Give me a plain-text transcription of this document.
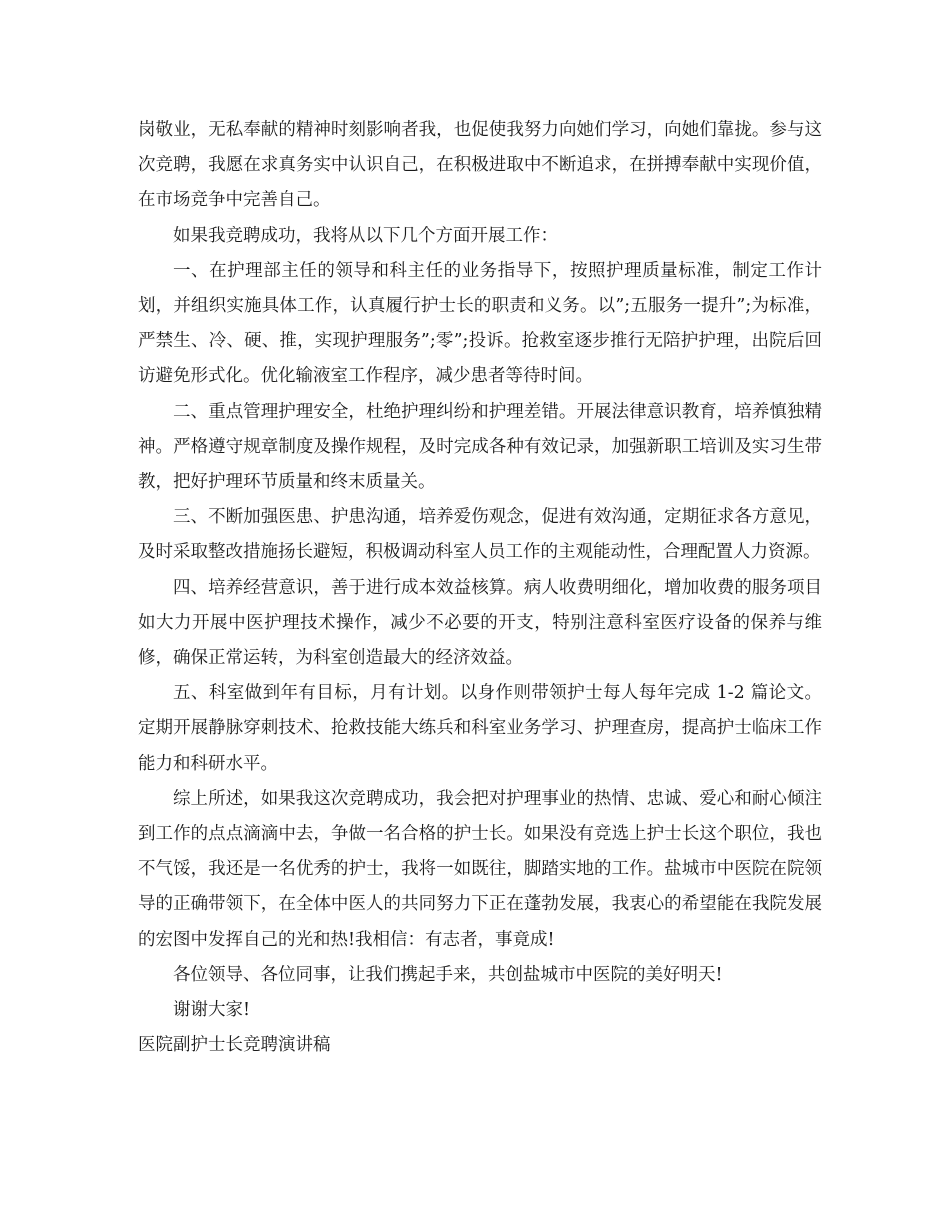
岗敬业，无私奉献的精神时刻影响者我，也促使我努力向她们学习，向她们靠拢。参与这次竞聘，我愿在求真务实中认识自己，在积极进取中不断追求，在拼搏奉献中实现价值，在市场竞争中完善自己。

如果我竞聘成功，我将从以下几个方面开展工作：

一、在护理部主任的领导和科主任的业务指导下，按照护理质量标准，制定工作计划，并组织实施具体工作，认真履行护士长的职责和义务。以”;五服务一提升”;为标准，严禁生、冷、硬、推，实现护理服务”;零”;投诉。抢救室逐步推行无陪护护理，出院后回访避免形式化。优化输液室工作程序，减少患者等待时间。

二、重点管理护理安全，杜绝护理纠纷和护理差错。开展法律意识教育，培养慎独精神。严格遵守规章制度及操作规程，及时完成各种有效记录，加强新职工培训及实习生带教，把好护理环节质量和终末质量关。

三、不断加强医患、护患沟通，培养爱伤观念，促进有效沟通，定期征求各方意见，及时采取整改措施扬长避短，积极调动科室人员工作的主观能动性，合理配置人力资源。

四、培养经营意识，善于进行成本效益核算。病人收费明细化，增加收费的服务项目如大力开展中医护理技术操作，减少不必要的开支，特别注意科室医疗设备的保养与维修，确保正常运转，为科室创造最大的经济效益。

五、科室做到年有目标，月有计划。以身作则带领护士每人每年完成 1-2 篇论文。定期开展静脉穿刺技术、抢救技能大练兵和科室业务学习、护理查房，提高护士临床工作能力和科研水平。

综上所述，如果我这次竞聘成功，我会把对护理事业的热情、忠诚、爱心和耐心倾注到工作的点点滴滴中去，争做一名合格的护士长。如果没有竞选上护士长这个职位，我也不气馁，我还是一名优秀的护士，我将一如既往，脚踏实地的工作。盐城市中医院在院领导的正确带领下，在全体中医人的共同努力下正在蓬勃发展，我衷心的希望能在我院发展的宏图中发挥自己的光和热!我相信：有志者，事竟成!

各位领导、各位同事，让我们携起手来，共创盐城市中医院的美好明天!

谢谢大家!

医院副护士长竞聘演讲稿
